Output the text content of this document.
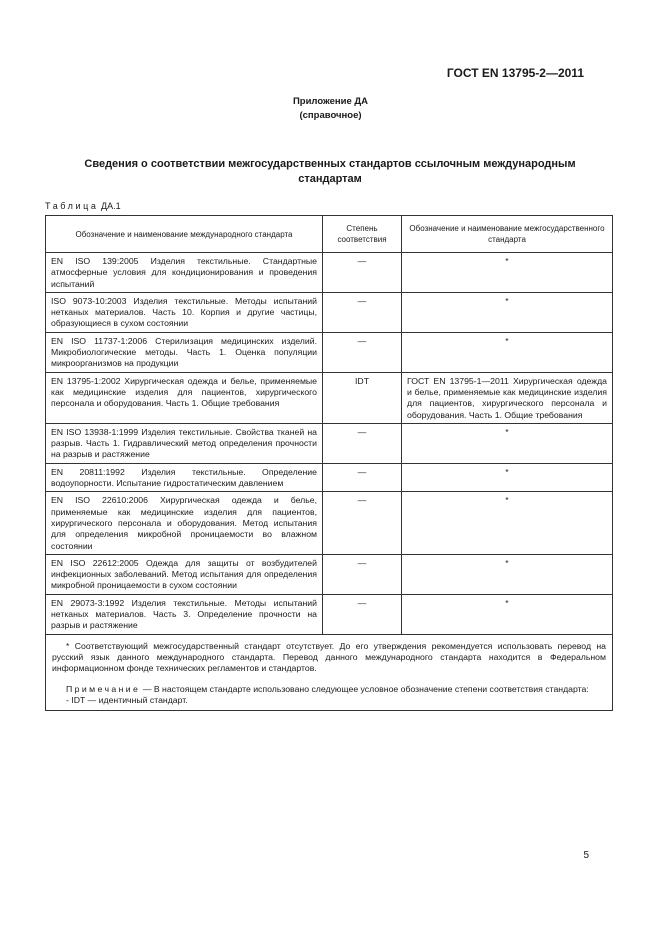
ГОСТ EN 13795-2—2011
Приложение ДА
(справочное)
Сведения о соответствии межгосударственных стандартов ссылочным международным стандартам
Таблица ДА.1
Обозначение и наименование международного стандарта	Степень соответствия	Обозначение и наименование межгосударственного стандарта
EN ISO 139:2005 Изделия текстильные. Стандартные атмосферные условия для кондиционирования и проведения испытаний	—	*
ISO 9073-10:2003 Изделия текстильные. Методы испытаний нетканых материалов. Часть 10. Корпия и другие частицы, образующиеся в сухом состоянии	—	*
EN ISO 11737-1:2006 Стерилизация медицинских изделий. Микробиологические методы. Часть 1. Оценка популяции микроорганизмов на продукции	—	*
EN 13795-1:2002 Хирургическая одежда и белье, применяемые как медицинские изделия для пациентов, хирургического персонала и оборудования. Часть 1. Общие требования	IDT	ГОСТ EN 13795-1—2011 Хирургическая одежда и белье, применяемые как медицинские изделия для пациентов, хирургического персонала и оборудования. Часть 1. Общие требования
EN ISO 13938-1:1999 Изделия текстильные. Свойства тканей на разрыв. Часть 1. Гидравлический метод определения прочности на разрыв и растяжение	—	*
EN 20811:1992 Изделия текстильные. Определение водоупорности. Испытание гидростатическим давлением	—	*
EN ISO 22610:2006 Хирургическая одежда и белье, применяемые как медицинские изделия для пациентов, хирургического персонала и оборудования. Метод испытания для определения микробной проницаемости во влажном состоянии	—	*
EN ISO 22612:2005 Одежда для защиты от возбудителей инфекционных заболеваний. Метод испытания для определения микробной проницаемости в сухом состоянии	—	*
EN 29073-3:1992 Изделия текстильные. Методы испытаний нетканых материалов. Часть 3. Определение прочности на разрыв и растяжение	—	*

* Соответствующий межгосударственный стандарт отсутствует. До его утверждения рекомендуется использовать перевод на русский язык данного международного стандарта. Перевод данного международного стандарта находится в Федеральном информационном фонде технических регламентов и стандартов.

Примечание — В настоящем стандарте использовано следующее условное обозначение степени соответствия стандарта:

- IDT — идентичный стандарт.		

5
